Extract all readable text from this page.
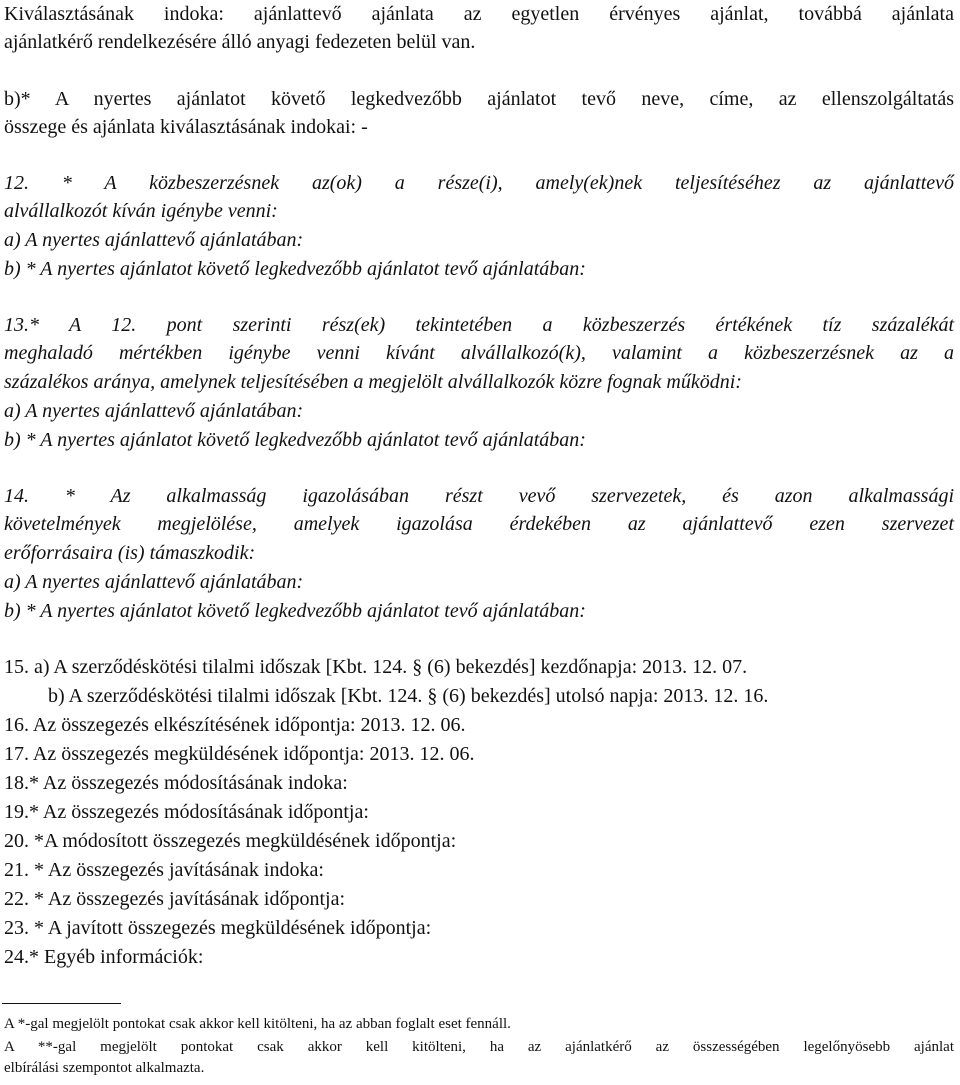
Kiválasztásának indoka: ajánlattevő ajánlata az egyetlen érvényes ajánlat, továbbá ajánlata
ajánlatkérő rendelkezésére álló anyagi fedezeten belül van.
b)* A nyertes ajánlatot követő legkedvezőbb ajánlatot tevő neve, címe, az ellenszolgáltatás
összege és ajánlata kiválasztásának indokai: -
12. * A közbeszerzésnek az(ok) a része(i), amely(ek)nek teljesítéséhez az ajánlattevő
alvállalkozót kíván igénybe venni:
a) A nyertes ajánlattevő ajánlatában:
b) * A nyertes ajánlatot követő legkedvezőbb ajánlatot tevő ajánlatában:
13.* A 12. pont szerinti rész(ek) tekintetében a közbeszerzés értékének tíz százalékát
meghaladó mértékben igénybe venni kívánt alvállalkozó(k), valamint a közbeszerzésnek az a
százalékos aránya, amelynek teljesítésében a megjelölt alvállalkozók közre fognak működni:
a) A nyertes ajánlattevő ajánlatában:
b) * A nyertes ajánlatot követő legkedvezőbb ajánlatot tevő ajánlatában:
14. * Az alkalmasság igazolásában részt vevő szervezetek, és azon alkalmassági
követelmények megjelölése, amelyek igazolása érdekében az ajánlattevő ezen szervezet
erőforrásaira (is) támaszkodik:
a) A nyertes ajánlattevő ajánlatában:
b) * A nyertes ajánlatot követő legkedvezőbb ajánlatot tevő ajánlatában:
15. a) A szerződéskötési tilalmi időszak [Kbt. 124. § (6) bekezdés] kezdőnapja: 2013. 12. 07.
b) A szerződéskötési tilalmi időszak [Kbt. 124. § (6) bekezdés] utolsó napja: 2013. 12. 16.
16. Az összegezés elkészítésének időpontja: 2013. 12. 06.
17. Az összegezés megküldésének időpontja: 2013. 12. 06.
18.* Az összegezés módosításának indoka:
19.* Az összegezés módosításának időpontja:
20. *A módosított összegezés megküldésének időpontja:
21. * Az összegezés javításának indoka:
22. * Az összegezés javításának időpontja:
23. * A javított összegezés megküldésének időpontja:
24.* Egyéb információk:
A *-gal megjelölt pontokat csak akkor kell kitölteni, ha az abban foglalt eset fennáll.
A **-gal megjelölt pontokat csak akkor kell kitölteni, ha az ajánlatkérő az összességében legelőnyösebb ajánlat
elbírálási szempontot alkalmazta.
